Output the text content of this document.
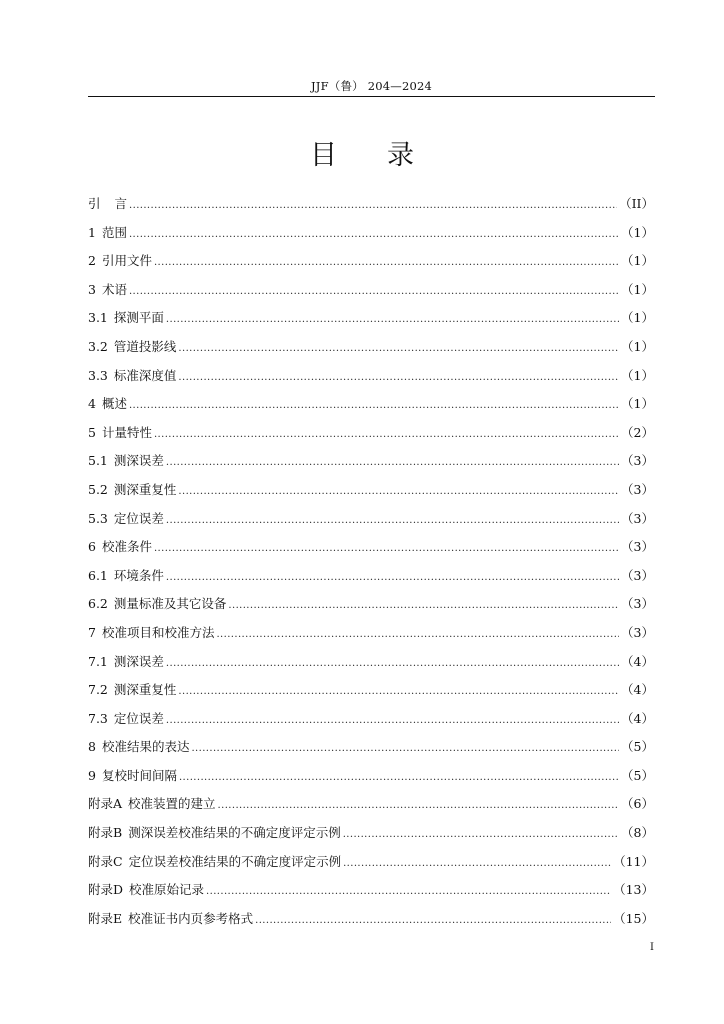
JJF（鲁） 204—2024
目录
引 言 .....	（II）
1 范围 .....	（1）
2 引用文件 .....	（1）
3 术语 .....	（1）
3.1 探测平面 .....	（1）
3.2 管道投影线 .....	（1）
3.3 标准深度值 .....	（1）
4 概述 .....	（1）
5 计量特性 .....	（2）
5.1 测深误差 .....	（3）
5.2 测深重复性 .....	（3）
5.3 定位误差 .....	（3）
6 校准条件 .....	（3）
6.1 环境条件 .....	（3）
6.2 测量标准及其它设备 .....	（3）
7 校准项目和校准方法 .....	（3）
7.1 测深误差 .....	（4）
7.2 测深重复性 .....	（4）
7.3 定位误差 .....	（4）
8 校准结果的表达 .....	（5）
9 复校时间间隔 .....	（5）
附录A 校准装置的建立 .....	（6）
附录B 测深误差校准结果的不确定度评定示例 .....	（8）
附录C 定位误差校准结果的不确定度评定示例 .....	（11）
附录D 校准原始记录 .....	（13）
附录E 校准证书内页参考格式 .....	（15）
I
